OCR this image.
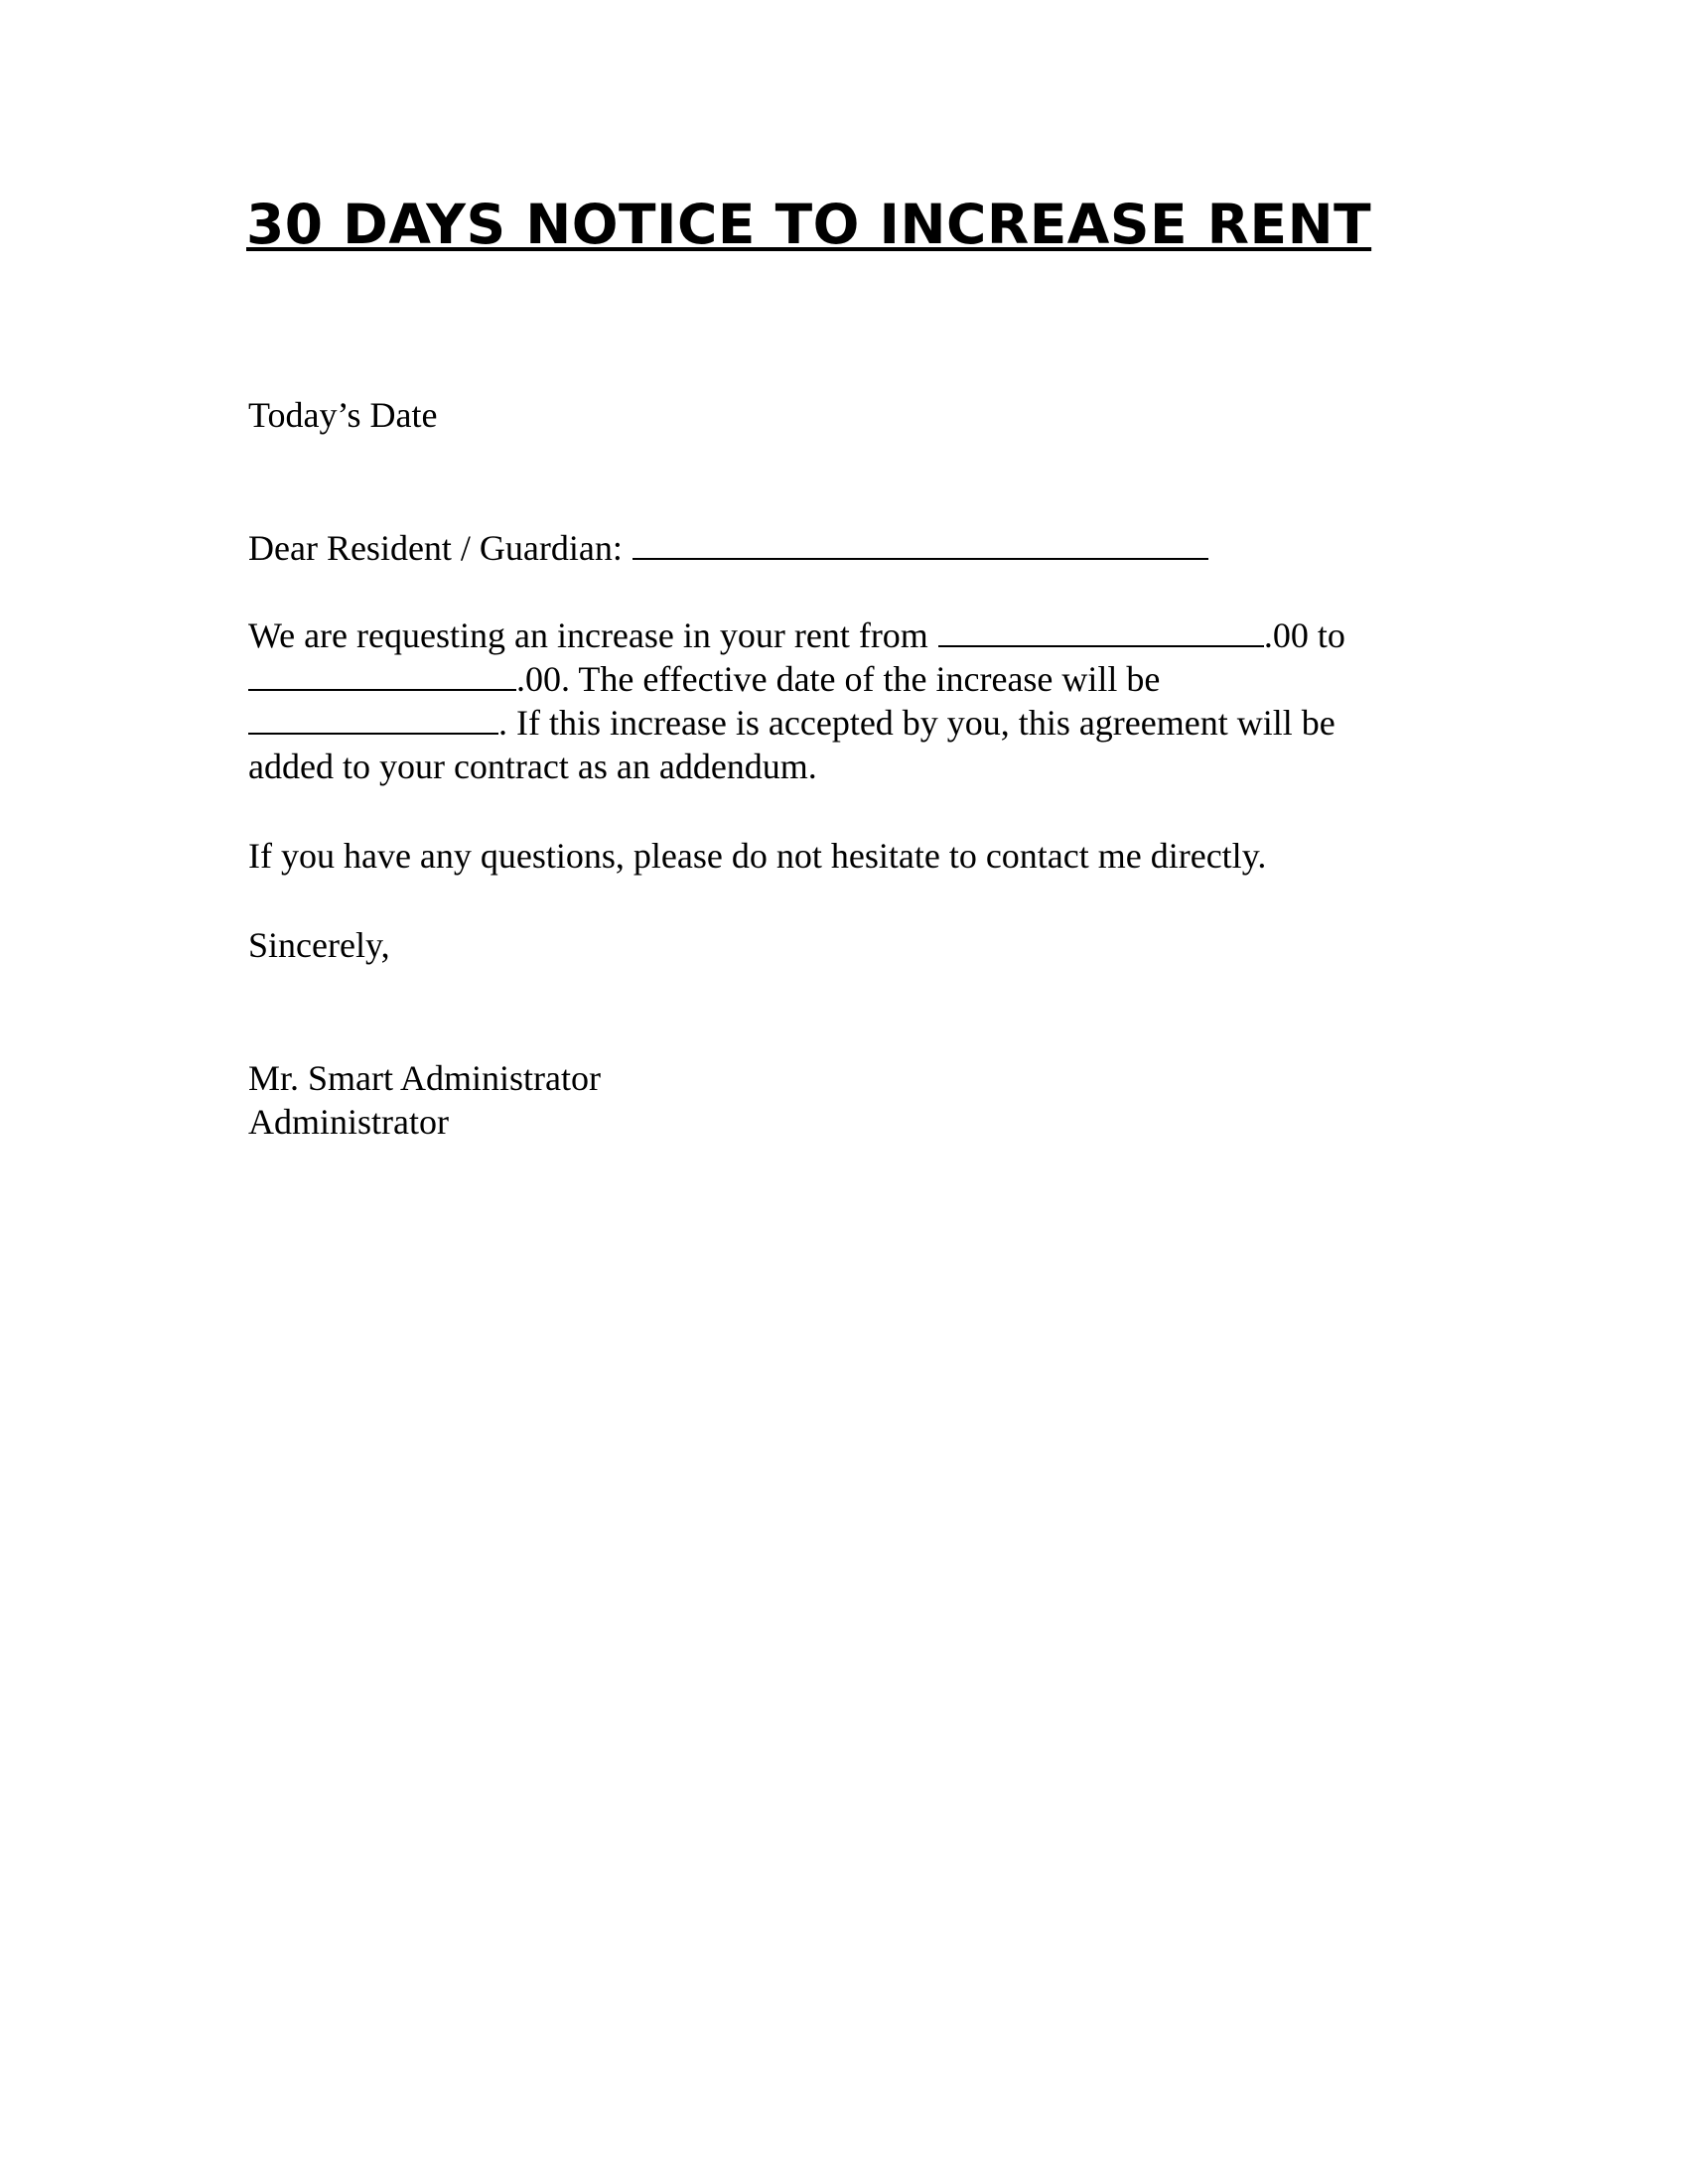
30 DAYS NOTICE TO INCREASE RENT
Today’s Date
Dear Resident / Guardian:
We are requesting an increase in your rent from	.00 to
.00. The effective date of the increase will be
. If this increase is accepted by you, this agreement will be
added to your contract as an addendum.
If you have any questions, please do not hesitate to contact me directly.
Sincerely,
Mr. Smart Administrator
Administrator
